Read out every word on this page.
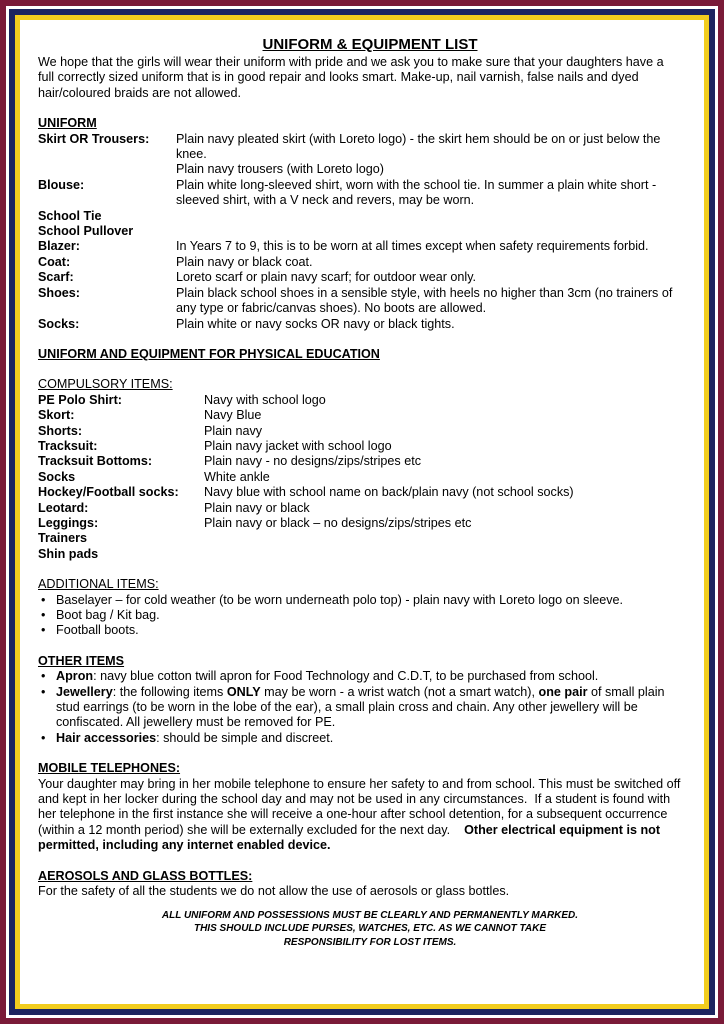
UNIFORM & EQUIPMENT LIST

We hope that the girls will wear their uniform with pride and we ask you to make sure that your daughters have a full correctly sized uniform that is in good repair and looks smart. Make-up, nail varnish, false nails and dyed hair/coloured braids are not allowed.

UNIFORM

Skirt OR Trousers:	Plain navy pleated skirt (with Loreto logo) - the skirt hem should be on or just below the knee.
Plain navy trousers (with Loreto logo)
Blouse:	Plain white long-sleeved shirt, worn with the school tie. In summer a plain white short - sleeved shirt, with a V neck and revers, may be worn.
School Tie
School Pullover
Blazer:	In Years 7 to 9, this is to be worn at all times except when safety requirements forbid.
Coat:	Plain navy or black coat.
Scarf:	Loreto scarf or plain navy scarf; for outdoor wear only.
Shoes:	Plain black school shoes in a sensible style, with heels no higher than 3cm (no trainers of any type or fabric/canvas shoes). No boots are allowed.
Socks:	Plain white or navy socks OR navy or black tights.

UNIFORM AND EQUIPMENT FOR PHYSICAL EDUCATION

COMPULSORY ITEMS:

PE Polo Shirt:	Navy with school logo
Skort:	Navy Blue
Shorts:	Plain navy
Tracksuit:	Plain navy jacket with school logo
Tracksuit Bottoms:	Plain navy - no designs/zips/stripes etc
Socks	White ankle
Hockey/Football socks:	Navy blue with school name on back/plain navy (not school socks)
Leotard:	Plain navy or black
Leggings:	Plain navy or black – no designs/zips/stripes etc
Trainers
Shin pads

ADDITIONAL ITEMS:

• Baselayer – for cold weather (to be worn underneath polo top) - plain navy with Loreto logo on sleeve.
• Boot bag / Kit bag.
• Football boots.

OTHER ITEMS

• Apron: navy blue cotton twill apron for Food Technology and C.D.T, to be purchased from school.
• Jewellery: the following items ONLY may be worn - a wrist watch (not a smart watch), one pair of small plain stud earrings (to be worn in the lobe of the ear), a small plain cross and chain. Any other jewellery will be confiscated. All jewellery must be removed for PE.
• Hair accessories: should be simple and discreet.

MOBILE TELEPHONES:

Your daughter may bring in her mobile telephone to ensure her safety to and from school. This must be switched off and kept in her locker during the school day and may not be used in any circumstances.  If a student is found with her telephone in the first instance she will receive a one-hour after school detention, for a subsequent occurrence (within a 12 month period) she will be externally excluded for the next day.    Other electrical equipment is not permitted, including any internet enabled device.

AEROSOLS AND GLASS BOTTLES:

For the safety of all the students we do not allow the use of aerosols or glass bottles.

ALL UNIFORM AND POSSESSIONS MUST BE CLEARLY AND PERMANENTLY MARKED.
THIS SHOULD INCLUDE PURSES, WATCHES, ETC. AS WE CANNOT TAKE
RESPONSIBILITY FOR LOST ITEMS.
